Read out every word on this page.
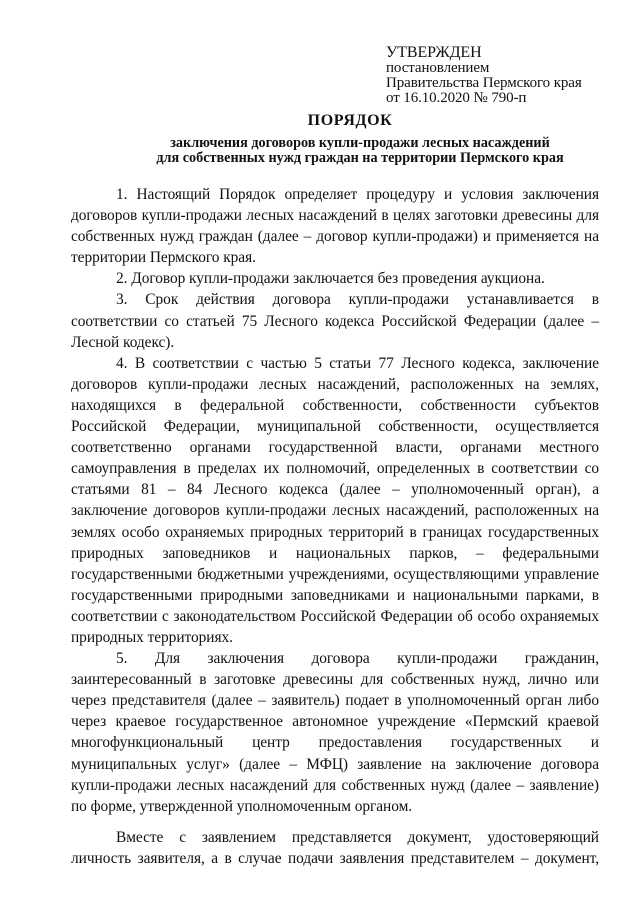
УТВЕРЖДЕН
постановлением
Правительства Пермского края
от 16.10.2020 № 790-п
ПОРЯДОК
заключения договоров купли-продажи лесных насаждений
для собственных нужд граждан на территории Пермского края

1. Настоящий Порядок определяет процедуру и условия заключения договоров купли-продажи лесных насаждений в целях заготовки древесины для собственных нужд граждан (далее – договор купли-продажи) и применяется на территории Пермского края.

2. Договор купли-продажи заключается без проведения аукциона.

3. Срок действия договора купли-продажи устанавливается в соответствии со статьей 75 Лесного кодекса Российской Федерации (далее – Лесной кодекс).

4. В соответствии с частью 5 статьи 77 Лесного кодекса, заключение договоров купли-продажи лесных насаждений, расположенных на землях, находящихся в федеральной собственности, собственности субъектов Российской Федерации, муниципальной собственности, осуществляется соответственно органами государственной власти, органами местного самоуправления в пределах их полномочий, определенных в соответствии со статьями 81 – 84 Лесного кодекса (далее – уполномоченный орган), а заключение договоров купли-продажи лесных насаждений, расположенных на землях особо охраняемых природных территорий в границах государственных природных заповедников и национальных парков, – федеральными государственными бюджетными учреждениями, осуществляющими управление государственными природными заповедниками и национальными парками, в соответствии с законодательством Российской Федерации об особо охраняемых природных территориях.

5. Для заключения договора купли-продажи гражданин, заинтересованный в заготовке древесины для собственных нужд, лично или через представителя (далее – заявитель) подает в уполномоченный орган либо через краевое государственное автономное учреждение «Пермский краевой многофункциональный центр предоставления государственных и муниципальных услуг» (далее – МФЦ) заявление на заключение договора купли-продажи лесных насаждений для собственных нужд (далее – заявление) по форме, утвержденной уполномоченным органом.

Вместе с заявлением представляется документ, удостоверяющий личность заявителя, а в случае подачи заявления представителем – документ,
